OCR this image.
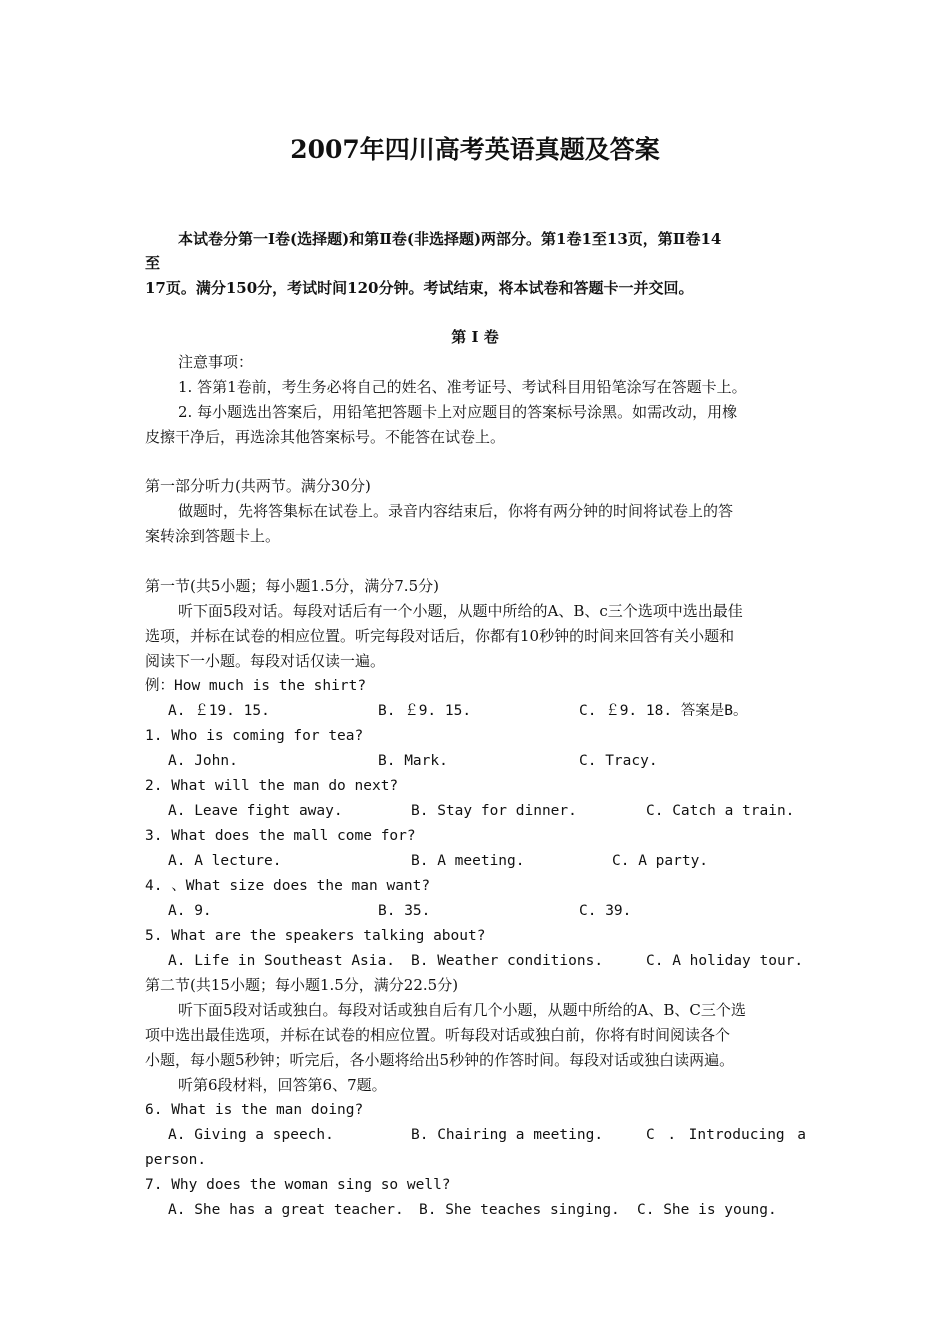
2007年四川高考英语真题及答案
本试卷分第一Ⅰ卷(选择题)和第Ⅱ卷(非选择题)两部分。第1卷1至13页，第Ⅱ卷14
至
17页。满分150分，考试时间120分钟。考试结束，将本试卷和答题卡一并交回。
第 I 卷
注意事项：
1. 答第1卷前，考生务必将自己的姓名、准考证号、考试科目用铅笔涂写在答题卡上。
2. 每小题选出答案后，用铅笔把答题卡上对应题目的答案标号涂黑。如需改动，用橡
皮擦干净后，再选涂其他答案标号。不能答在试卷上。
第一部分听力(共两节。满分30分)
做题时，先将答集标在试卷上。录音内容结束后，你将有两分钟的时间将试卷上的答
案转涂到答题卡上。
第一节(共5小题；每小题1.5分，满分7.5分)
听下面5段对话。每段对话后有一个小题，从题中所给的A、B、c三个选项中选出最佳
选项，并标在试卷的相应位置。听完每段对话后，你都有10秒钟的时间来回答有关小题和
阅读下一小题。每段对话仅读一遍。
例：How much is the shirt?
A. ￡19. 15.	B. ￡9. 15.	C. ￡9. 18. 答案是B。
1. Who is coming for tea?
A. John.	B. Mark.	C. Tracy.
2. What will the man do next?
A. Leave fight away.	B. Stay for dinner.	C. Catch a train.
3. What does the mall come for?
A. A lecture.	B. A meeting.	C. A party.
4. 、What size does the man want?
A. 9.	B. 35.	C. 39.
5. What are the speakers talking about?
A. Life in Southeast Asia. B. Weather conditions.	C. A holiday tour.
第二节(共15小题；每小题1.5分，满分22.5分)
听下面5段对话或独白。每段对话或独自后有几个小题，从题中所给的A、B、C三个选
项中选出最佳选项，并标在试卷的相应位置。听每段对话或独白前，你将有时间阅读各个
小题，每小题5秒钟；听完后，各小题将给出5秒钟的作答时间。每段对话或独白读两遍。
听第6段材料，回答第6、7题。
6. What is the man doing?
A. Giving a speech.	B. Chairing a meeting.	C . Introducing a
person.
7. Why does the woman sing so well?
A. She has a great teacher. B. She teaches singing. C. She is young.
